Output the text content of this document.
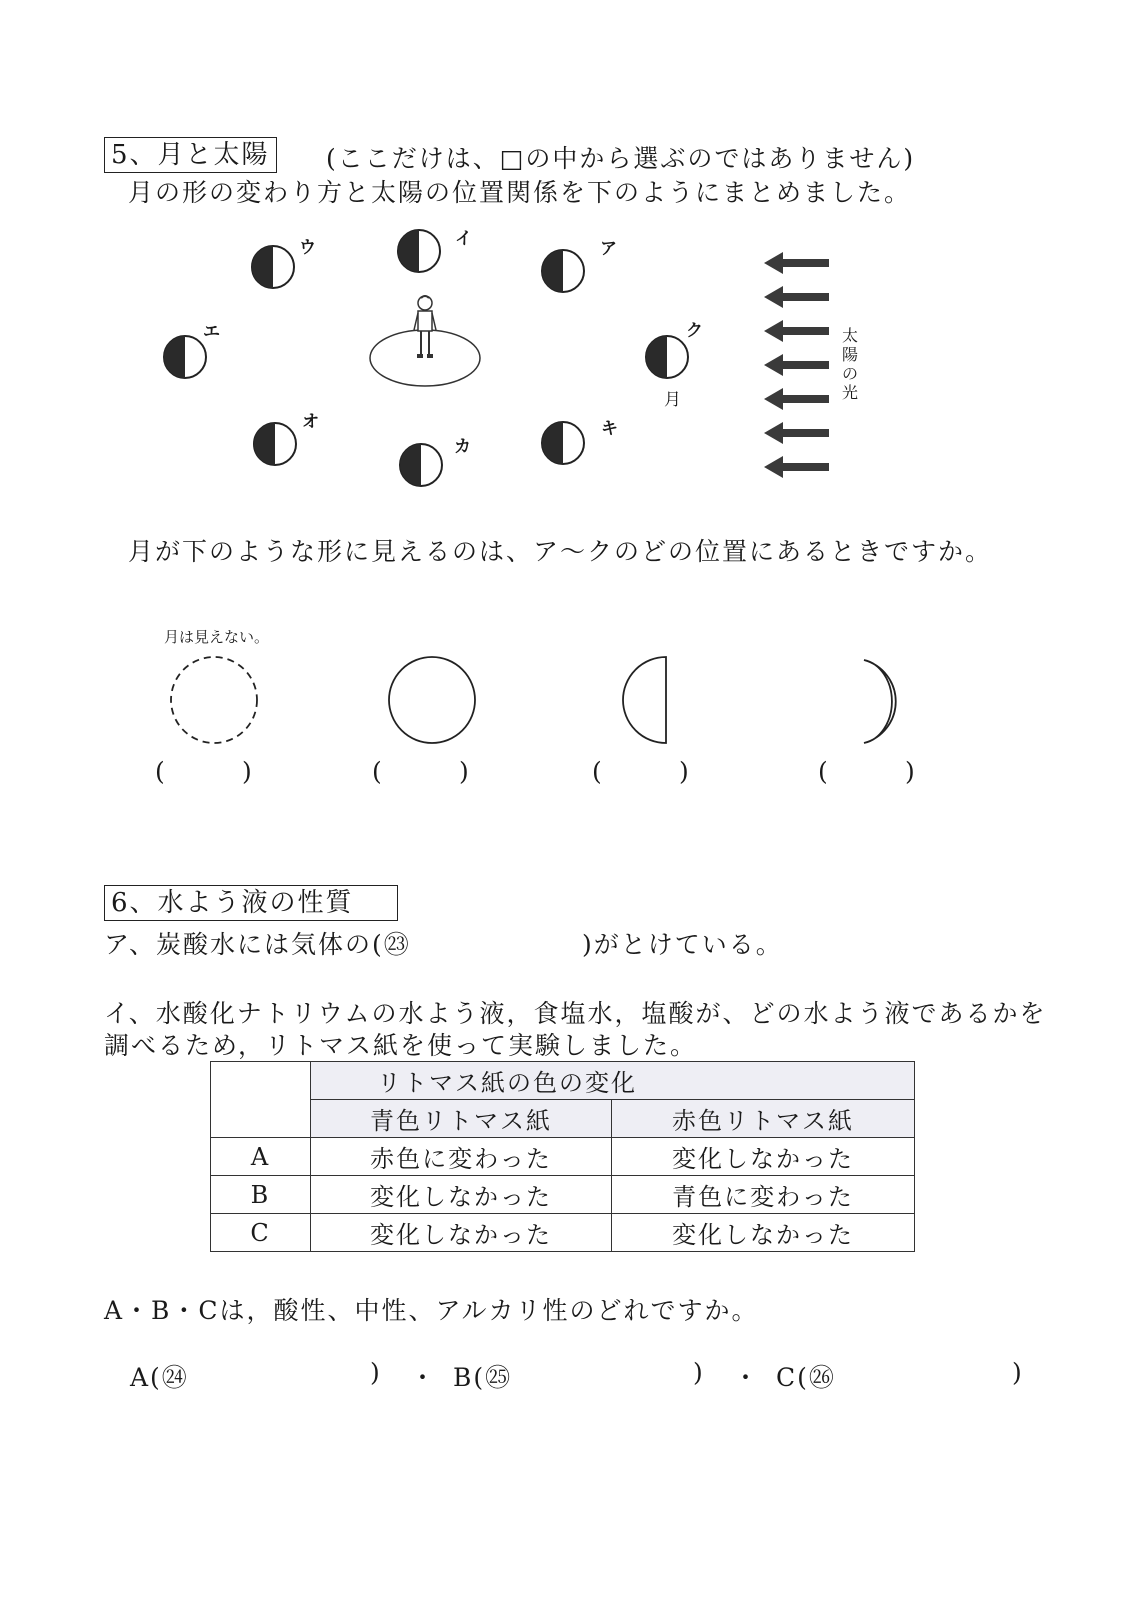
5、月と太陽 (ここだけは、□の中から選ぶのではありません)
月の形の変わり方と太陽の位置関係を下のようにまとめました。
ウ	イ	ア
エ	ク
オ
カ
キ
月
太陽の光
月が下のような形に見えるのは、ア～クのどの位置にあるときですか。
月は見えない。
(	)	(	)	(	)	(	)
6、水よう液の性質
ア、炭酸水には気体の(㉓	)がとけている。
イ、水酸化ナトリウムの水よう液，食塩水，塩酸が、どの水よう液であるかを
調べるため，リトマス紙を使って実験しました。
	リトマス紙の色の変化	
	青色リトマス紙	赤色リトマス紙
A	赤色に変わった	変化しなかった
B	変化しなかった	青色に変わった
C	変化しなかった	変化しなかった
A・B・Cは，酸性、中性、アルカリ性のどれですか。
A(㉔	) ・ B(㉕	) ・ C(㉖	)
